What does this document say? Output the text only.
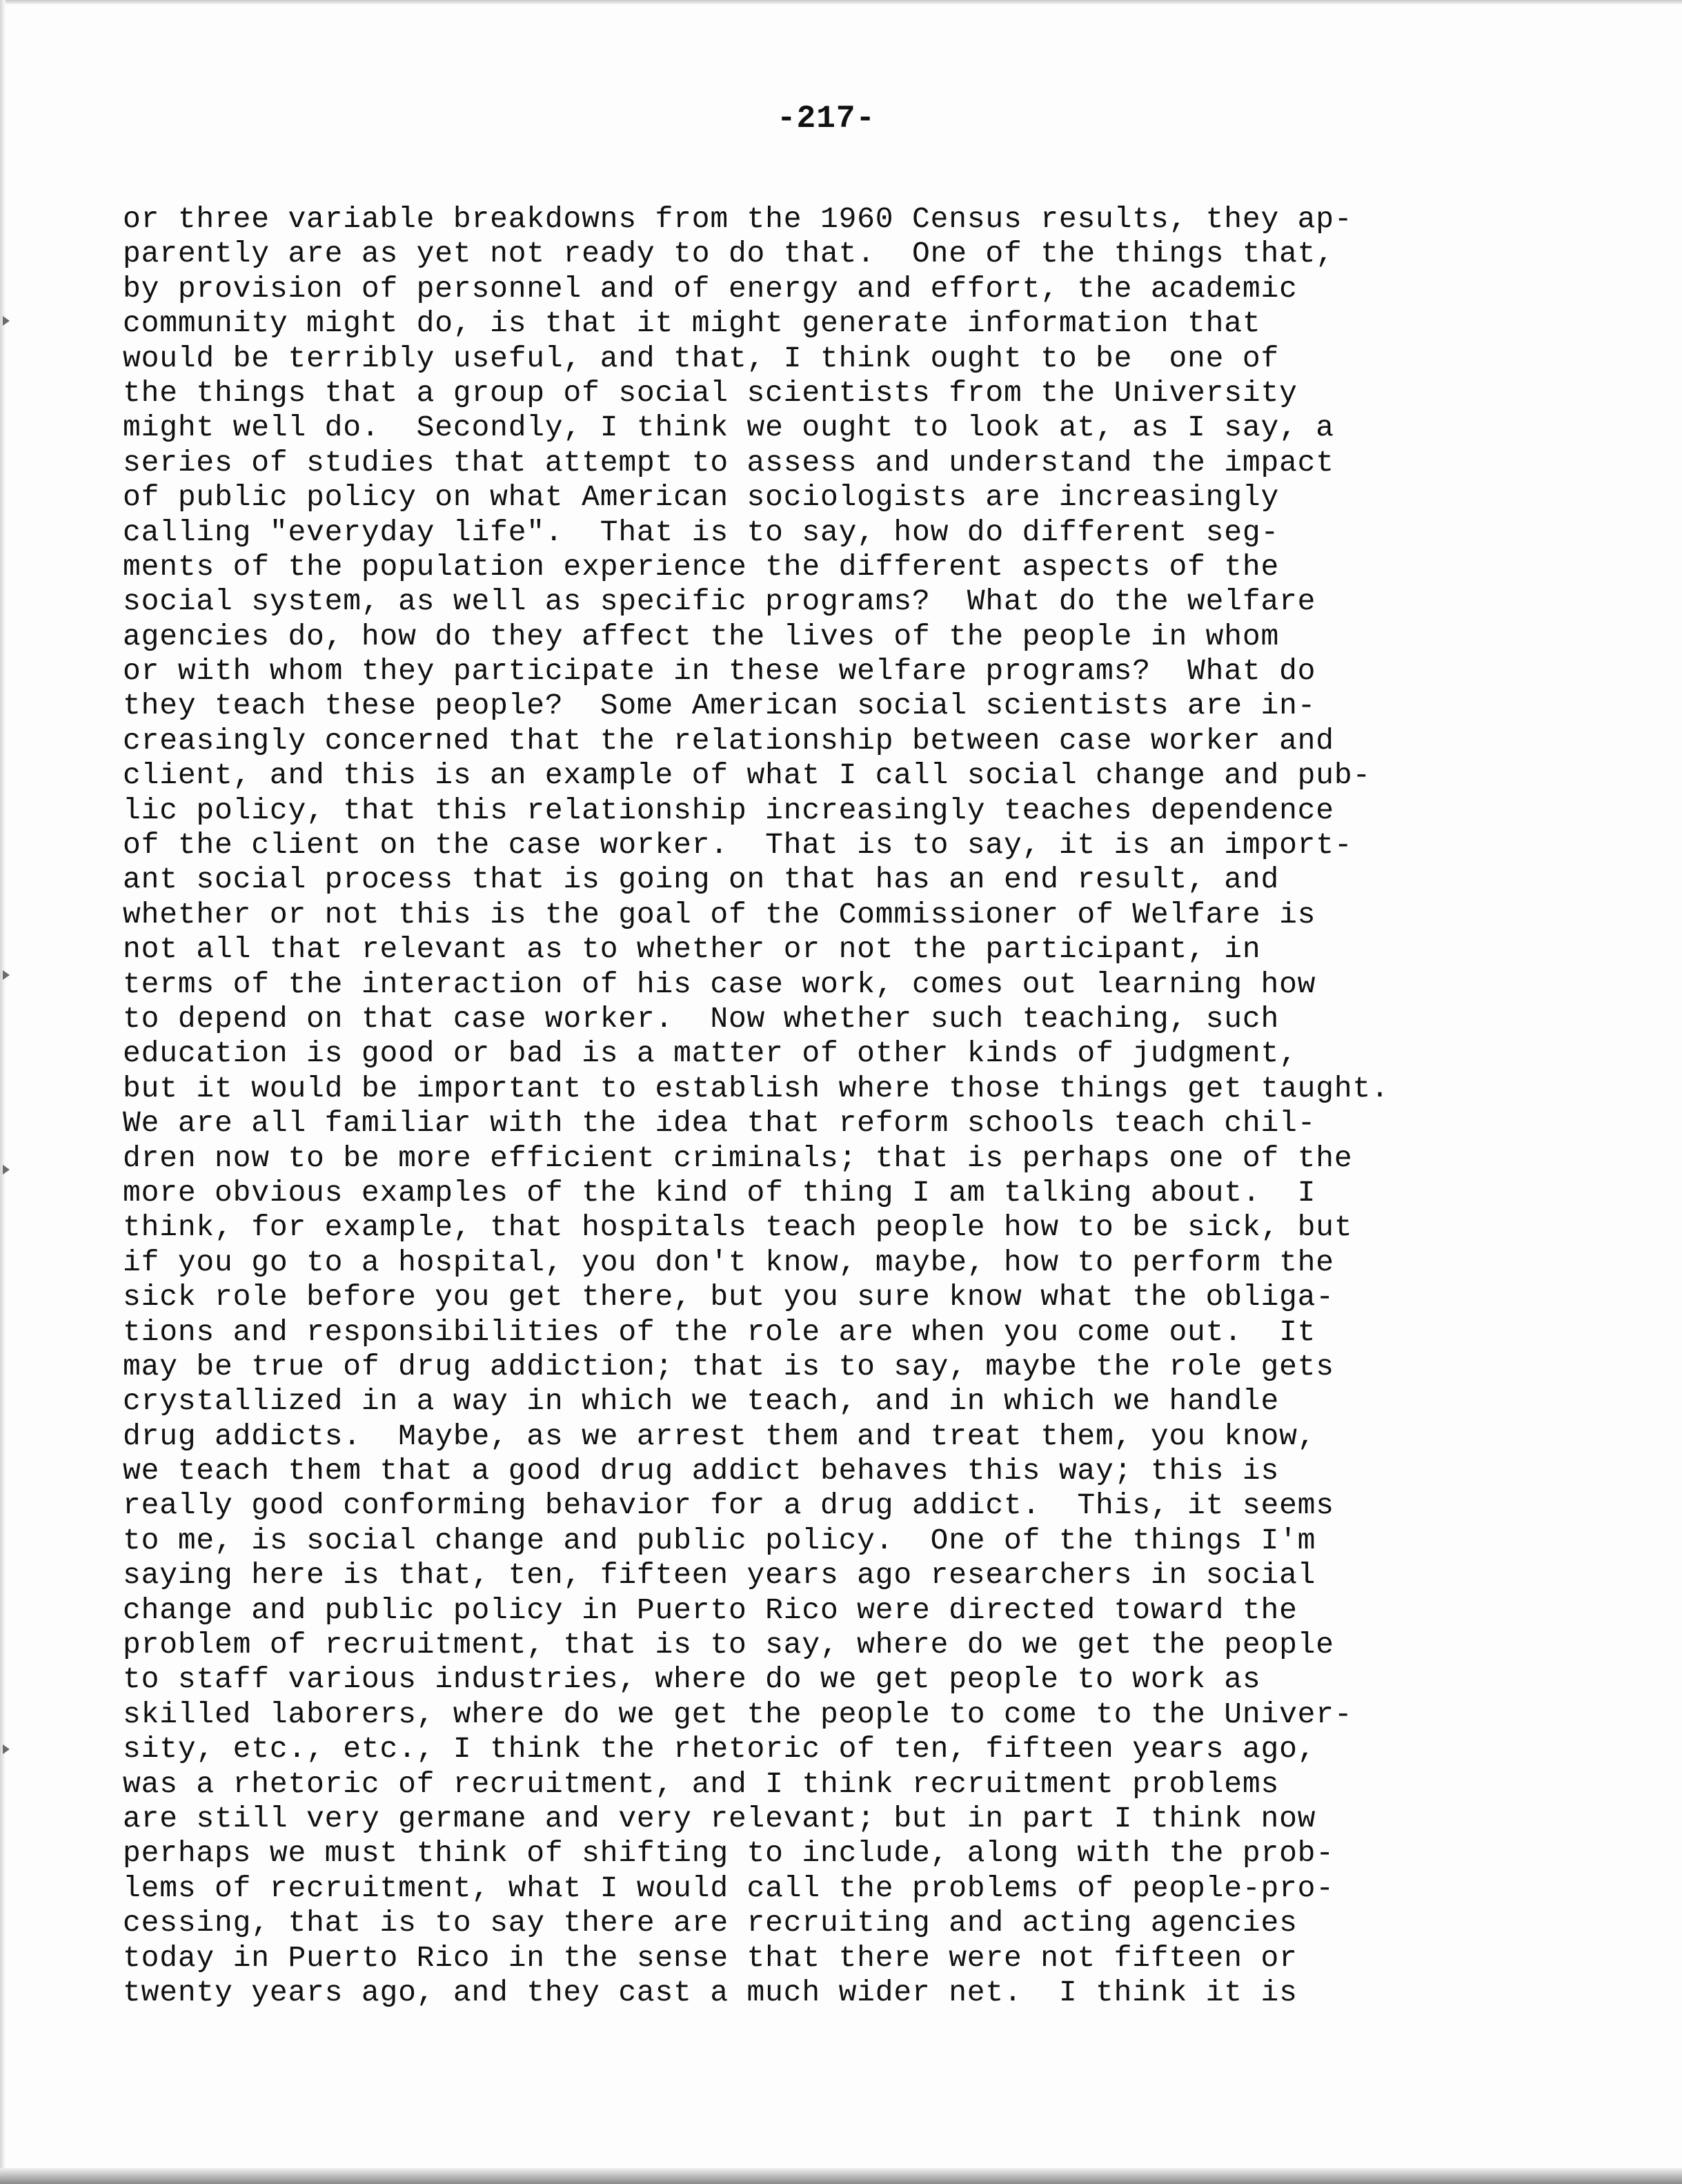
-217-
or three variable breakdowns from the 1960 Census results, they ap-
parently are as yet not ready to do that.  One of the things that,
by provision of personnel and of energy and effort, the academic
community might do, is that it might generate information that
would be terribly useful, and that, I think ought to be  one of
the things that a group of social scientists from the University
might well do.  Secondly, I think we ought to look at, as I say, a
series of studies that attempt to assess and understand the impact
of public policy on what American sociologists are increasingly
calling "everyday life".  That is to say, how do different seg-
ments of the population experience the different aspects of the
social system, as well as specific programs?  What do the welfare
agencies do, how do they affect the lives of the people in whom
or with whom they participate in these welfare programs?  What do
they teach these people?  Some American social scientists are in-
creasingly concerned that the relationship between case worker and
client, and this is an example of what I call social change and pub-
lic policy, that this relationship increasingly teaches dependence
of the client on the case worker.  That is to say, it is an import-
ant social process that is going on that has an end result, and
whether or not this is the goal of the Commissioner of Welfare is
not all that relevant as to whether or not the participant, in
terms of the interaction of his case work, comes out learning how
to depend on that case worker.  Now whether such teaching, such
education is good or bad is a matter of other kinds of judgment,
but it would be important to establish where those things get taught.
We are all familiar with the idea that reform schools teach chil-
dren now to be more efficient criminals; that is perhaps one of the
more obvious examples of the kind of thing I am talking about.  I
think, for example, that hospitals teach people how to be sick, but
if you go to a hospital, you don't know, maybe, how to perform the
sick role before you get there, but you sure know what the obliga-
tions and responsibilities of the role are when you come out.  It
may be true of drug addiction; that is to say, maybe the role gets
crystallized in a way in which we teach, and in which we handle
drug addicts.  Maybe, as we arrest them and treat them, you know,
we teach them that a good drug addict behaves this way; this is
really good conforming behavior for a drug addict.  This, it seems
to me, is social change and public policy.  One of the things I'm
saying here is that, ten, fifteen years ago researchers in social
change and public policy in Puerto Rico were directed toward the
problem of recruitment, that is to say, where do we get the people
to staff various industries, where do we get people to work as
skilled laborers, where do we get the people to come to the Univer-
sity, etc., etc., I think the rhetoric of ten, fifteen years ago,
was a rhetoric of recruitment, and I think recruitment problems
are still very germane and very relevant; but in part I think now
perhaps we must think of shifting to include, along with the prob-
lems of recruitment, what I would call the problems of people-pro-
cessing, that is to say there are recruiting and acting agencies
today in Puerto Rico in the sense that there were not fifteen or
twenty years ago, and they cast a much wider net.  I think it is
